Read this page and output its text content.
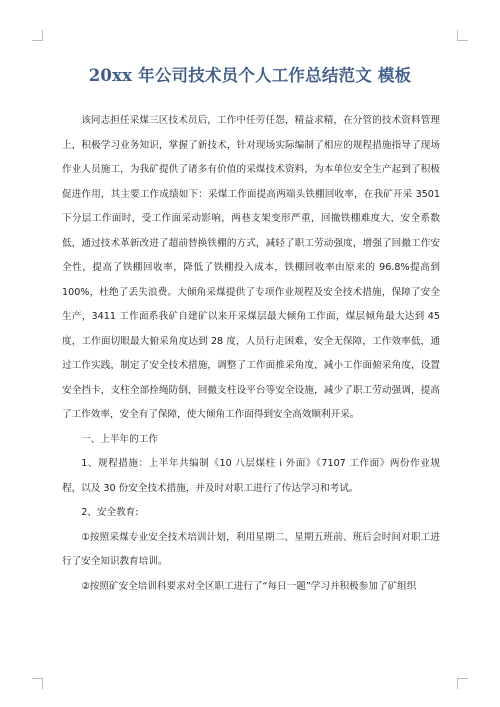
20xx 年公司技术员个人工作总结范文 模板

该同志担任采煤三区技术员后，工作中任劳任怨，精益求精，在分管的技术资料管理上，积极学习业务知识，掌握了新技术，针对现场实际编制了相应的规程措施指导了现场作业人员施工，为我矿提供了诸多有价值的采煤技术资料，为本单位安全生产起到了积极促进作用，其主要工作成绩如下：采煤工作面提高两端头铁棚回收率，在我矿开采 3501 下分层工作面时，受工作面采动影响，两巷支架变形严重，回撤铁棚难度大，安全系数低，通过技术革新改进了超前替换铁棚的方式，减轻了职工劳动强度，增强了回撤工作安全性，提高了铁棚回收率，降低了铁棚投入成本，铁棚回收率由原来的 96.8%提高到 100%，杜绝了丢失浪费。大倾角采煤提供了专项作业规程及安全技术措施，保障了安全生产，3411 工作面系我矿自建矿以来开采煤层最大倾角工作面，煤层倾角最大达到 45 度，工作面切眼最大俯采角度达到 28 度，人员行走困难，安全无保障，工作效率低，通过工作实践，制定了安全技术措施，调整了工作面推采角度，减小工作面俯采角度，设置安全挡卡，支柱全部拴绳防倒，回撤支柱设平台等安全设施，减少了职工劳动强调，提高了工作效率，安全有了保障，使大倾角工作面得到安全高效顺利开采。

一、上半年的工作

1、规程措施：上半年共编制《10 八层煤柱 i 外面》《7107 工作面》两份作业规程，以及 30 份安全技术措施，并及时对职工进行了传达学习和考试。

2、安全教育:

①按照采煤专业安全技术培训计划，利用星期二、星期五班前、班后会时间对职工进行了安全知识教育培训。

②按照矿安全培训科要求对全区职工进行了“每日一题”学习并积极参加了矿组织
